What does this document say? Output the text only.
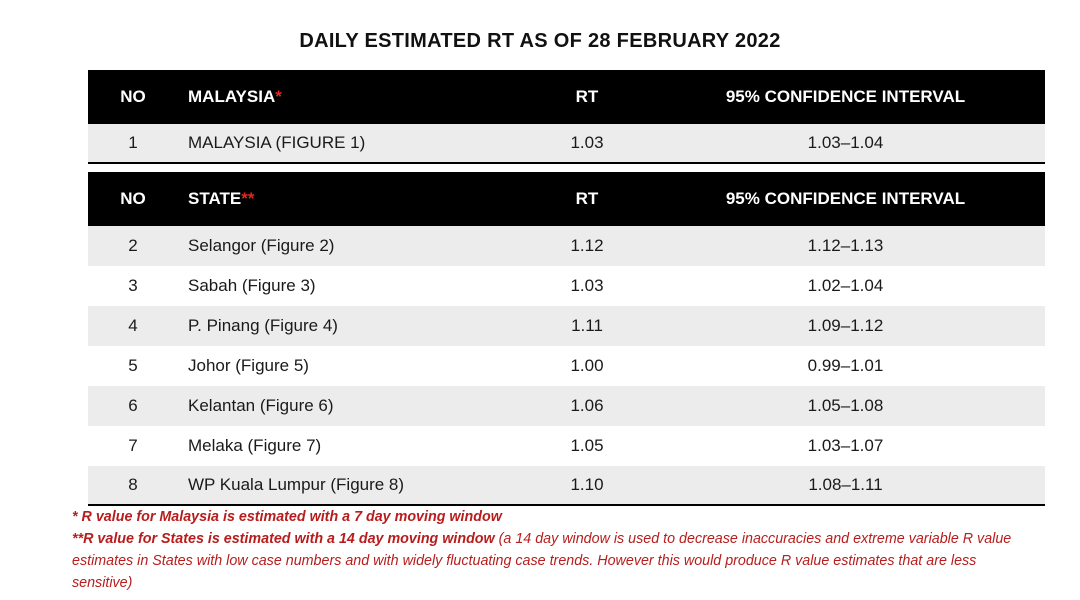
DAILY ESTIMATED RT AS OF 28 FEBRUARY 2022
NO	MALAYSIA*	RT	95% CONFIDENCE INTERVAL
1	MALAYSIA (FIGURE 1)	1.03	1.03–1.04
NO	STATE**	RT	95% CONFIDENCE INTERVAL
2	Selangor (Figure 2)	1.12	1.12–1.13
3	Sabah (Figure 3)	1.03	1.02–1.04
4	P. Pinang (Figure 4)	1.11	1.09–1.12
5	Johor (Figure 5)	1.00	0.99–1.01
6	Kelantan (Figure 6)	1.06	1.05–1.08
7	Melaka (Figure 7)	1.05	1.03–1.07
8	WP Kuala Lumpur (Figure 8)	1.10	1.08–1.11
* R value for Malaysia is estimated with a 7 day moving window
**R value for States is estimated with a 14 day moving window (a 14 day window is used to decrease inaccuracies and extreme variable R value estimates in States with low case numbers and with widely fluctuating case trends. However this would produce R value estimates that are less sensitive)
